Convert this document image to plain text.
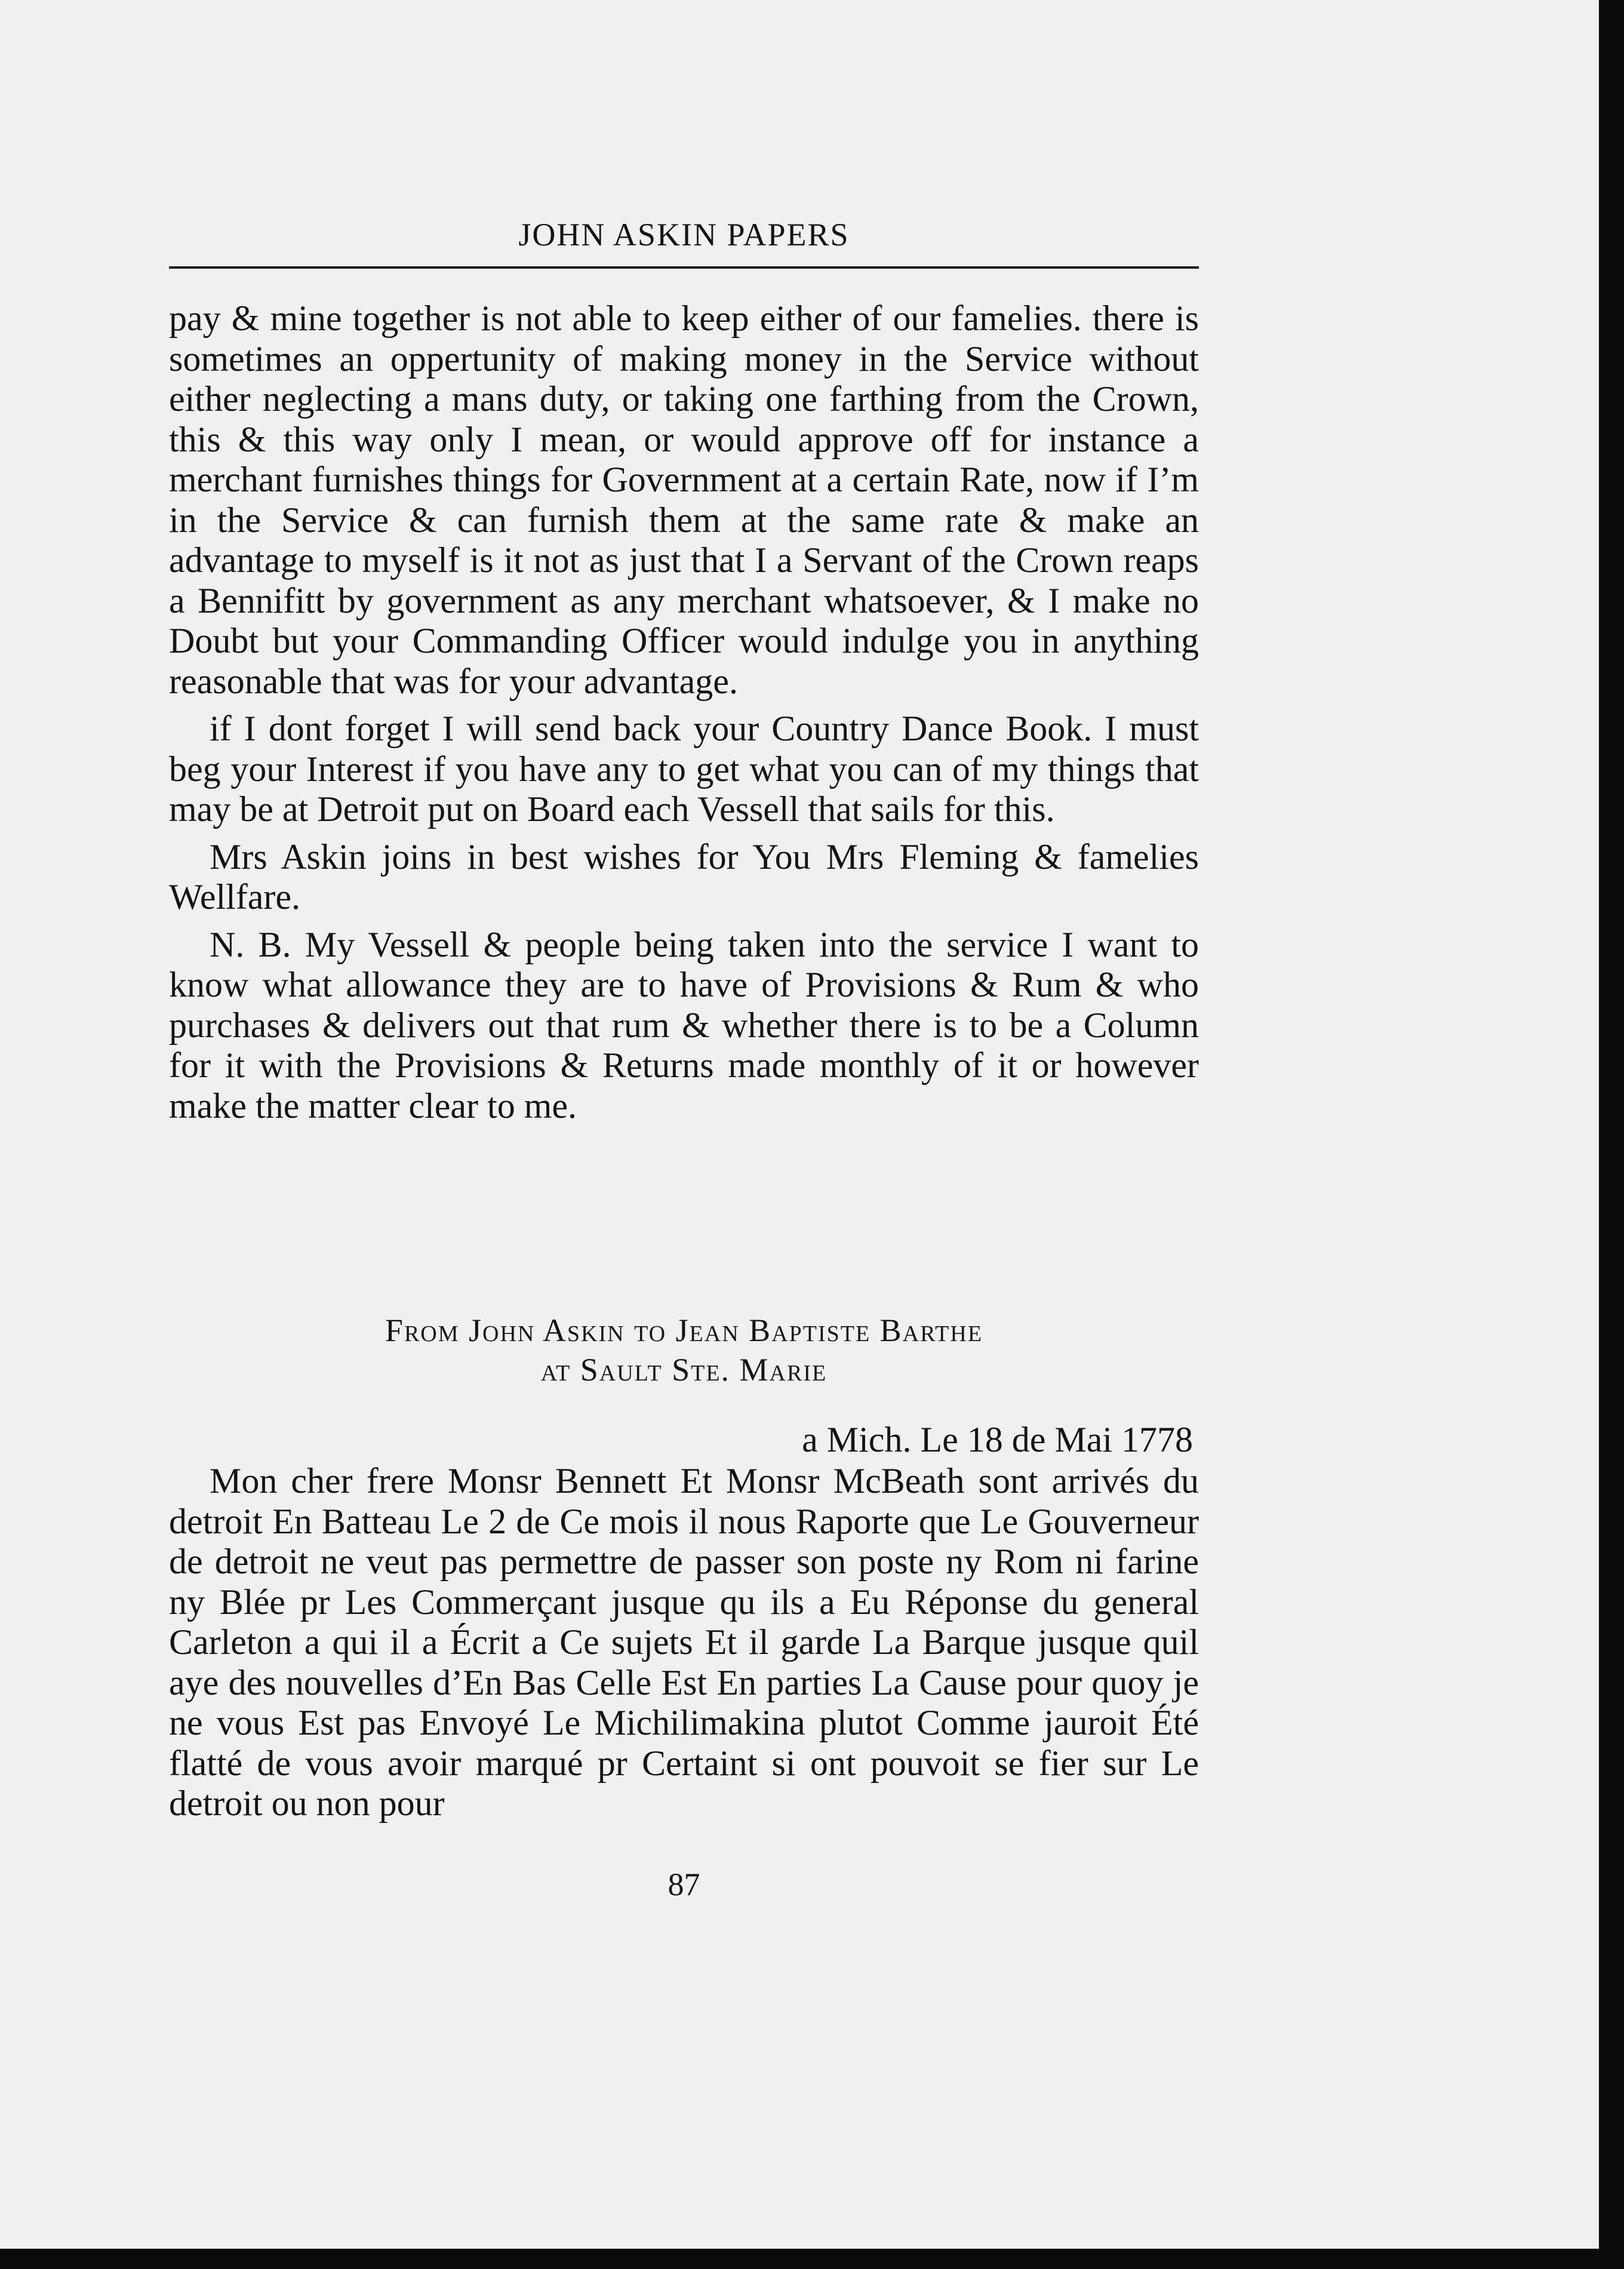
JOHN ASKIN PAPERS

pay & mine together is not able to keep either of our famelies. there is sometimes an oppertunity of making money in the Service without either neglecting a mans duty, or taking one farthing from the Crown, this & this way only I mean, or would approve off for instance a merchant furnishes things for Government at a certain Rate, now if I’m in the Service & can furnish them at the same rate & make an advantage to myself is it not as just that I a Servant of the Crown reaps a Bennifitt by government as any merchant whatsoever, & I make no Doubt but your Commanding Officer would indulge you in anything reasonable that was for your advantage.

if I dont forget I will send back your Country Dance Book. I must beg your Interest if you have any to get what you can of my things that may be at Detroit put on Board each Vessell that sails for this.

Mrs Askin joins in best wishes for You Mrs Fleming & famelies Wellfare.

N. B. My Vessell & people being taken into the service I want to know what allowance they are to have of Provisions & Rum & who purchases & delivers out that rum & whether there is to be a Column for it with the Provisions & Returns made monthly of it or however make the matter clear to me.

From John Askin to Jean Baptiste Barthe
at Sault Ste. Marie
a Mich. Le 18 de Mai 1778

Mon cher frere Monsr Bennett Et Monsr McBeath sont arrivés du detroit En Batteau Le 2 de Ce mois il nous Raporte que Le Gouverneur de detroit ne veut pas permettre de passer son poste ny Rom ni farine ny Blée pr Les Commerçant jusque qu ils a Eu Réponse du general Carleton a qui il a Écrit a Ce sujets Et il garde La Barque jusque quil aye des nouvelles d’En Bas Celle Est En parties La Cause pour quoy je ne vous Est pas Envoyé Le Michilimakina plutot Comme jauroit Été flatté de vous avoir marqué pr Certaint si ont pouvoit se fier sur Le detroit ou non pour

87
